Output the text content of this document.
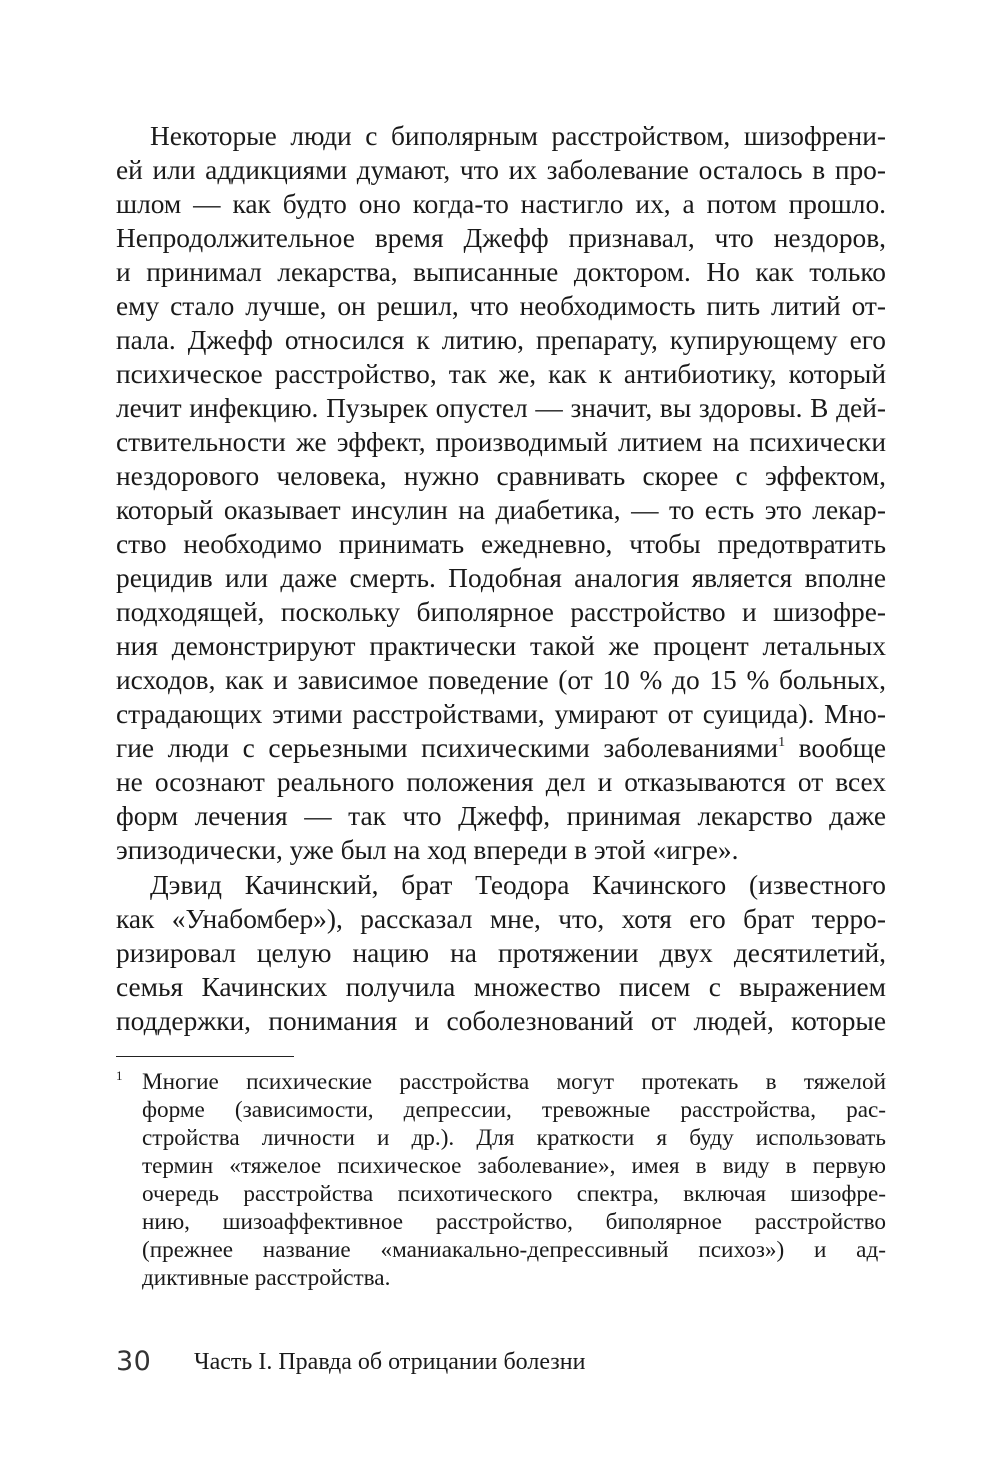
Некоторые люди с биполярным расстройством, шизофрени-
ей или аддикциями думают, что их заболевание осталось в про-
шлом — как будто оно когда-то настигло их, а потом прошло.
Непродолжительное время Джефф признавал, что нездоров,
и принимал лекарства, выписанные доктором. Но как только
ему стало лучше, он решил, что необходимость пить литий от-
пала. Джефф относился к литию, препарату, купирующему его
психическое расстройство, так же, как к антибиотику, который
лечит инфекцию. Пузырек опустел — значит, вы здоровы. В дей-
ствительности же эффект, производимый литием на психически
нездорового человека, нужно сравнивать скорее с эффектом,
который оказывает инсулин на диабетика, — то есть это лекар-
ство необходимо принимать ежедневно, чтобы предотвратить
рецидив или даже смерть. Подобная аналогия является вполне
подходящей, поскольку биполярное расстройство и шизофре-
ния демонстрируют практически такой же процент летальных
исходов, как и зависимое поведение (от 10 % до 15 % больных,
страдающих этими расстройствами, умирают от суицида). Мно-
гие люди с серьезными психическими заболеваниями$^1$ вообще
не осознают реального положения дел и отказываются от всех
форм лечения — так что Джефф, принимая лекарство даже
эпизодически, уже был на ход впереди в этой «игре».
Дэвид Качинский, брат Теодора Качинского (известного
как «Унабомбер»), рассказал мне, что, хотя его брат терро-
ризировал целую нацию на протяжении двух десятилетий,
семья Качинских получила множество писем с выражением
поддержки, понимания и соболезнований от людей, которые
1 Многие психические расстройства могут протекать в тяжелой
форме (зависимости, депрессии, тревожные расстройства, рас-
стройства личности и др.). Для краткости я буду использовать
термин «тяжелое психическое заболевание», имея в виду в первую
очередь расстройства психотического спектра, включая шизофре-
нию, шизоаффективное расстройство, биполярное расстройство
(прежнее название «маниакально-депрессивный психоз») и ад-
диктивные расстройства.
30 Часть I. Правда об отрицании болезни
